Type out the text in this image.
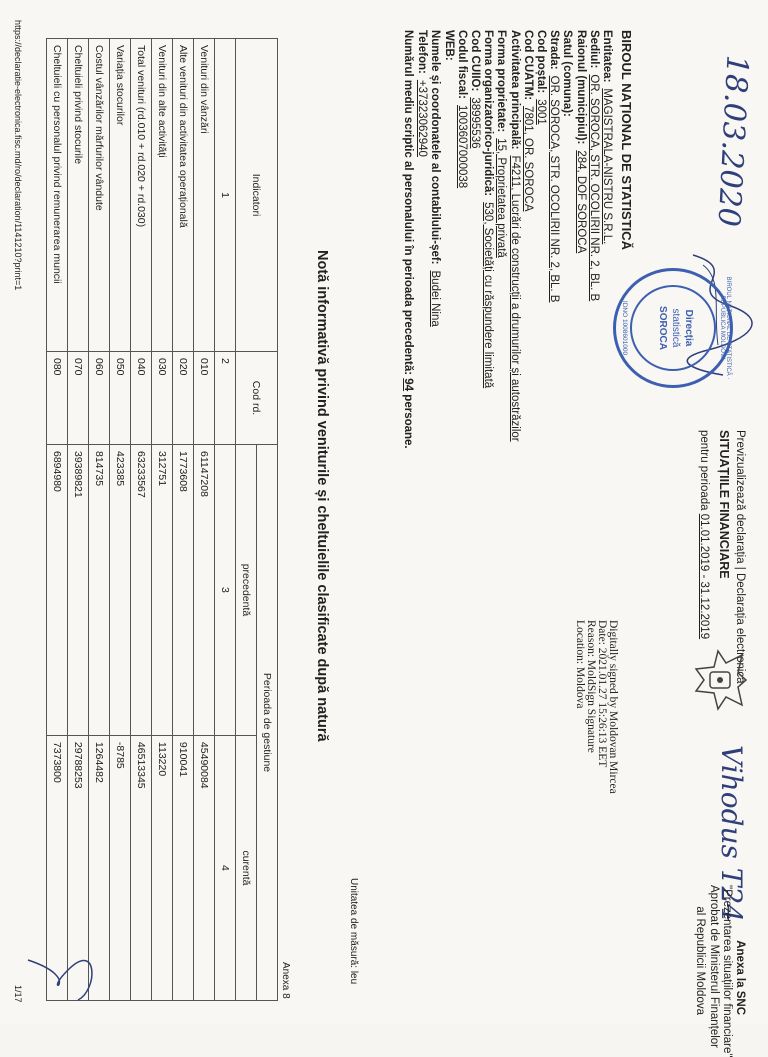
18.03.2020
BIROUL NAȚIONAL DE STATISTICĂ · REPUBLICA MOLDOVA
Direcția
statistică
SOROCA
IDNO 1008601000
Previzualizează declarația | Declarația electronica
SITUAȚIILE FINANCIARE
pentru perioada 01.01.2019 - 31.12.2019
Digitally signed by Moldovan Mircea
Date: 2021.01.27 15:26:13 EET
Reason: MoldSign Signature
Location: Moldova
Vihodus T24
Anexa la SNC
"Prezentarea situațiilor financiare"
Aprobat de Ministerul Finanțelor
al Republicii Moldova
BIROUL NAȚIONAL DE STATISTICĂ
Entitatea:MAGISTRALA-NISTRU S.R.L.
Sediul:OR. SOROCA, STR. OCOLIRII NR. 2, BL. B
Raionul (municipiul):284, DOF SOROCA
Satul (comuna):
Strada:OR. SOROCA, STR. OCOLIRII NR. 2, BL. B
Cod poștal:3001
Cod CUATM:7801, OR. SOROCA
Activitatea principală:F4211, Lucrări de construcții a drumurilor și autostrăzilor
Forma proprietate:15, Proprietatea privată
Forma organizatorico-juridică:530, Societăți cu răspundere limitată
Cod CUIIO:38995536
Codul fiscal:1003607000038
WEB:
Numele și coordonatele al contabilului-șef:Budei Nina
Telefon:+37323062940
Numărul mediu scriptic al personalului în perioada precedentă: 94 persoane.
Notă informativă privind veniturile și cheltuielile clasificate după natură
Unitatea de măsură: leu
Anexa 8
Indicatori	Cod rd.	Perioada de gestiune	
		precedentă	curentă
1	2	3	4
Venituri din vânzări	010	61147208	45490084
Alte venituri din activitatea operațională	020	1773608	910041
Venituri din alte activități	030	312751	113220
Total venituri (rd.010 + rd.020 + rd.030)	040	63233567	46513345
Variația stocurilor	050	423385	-8785
Costul vânzărilor mărfurilor vândute	060	814735	1264482
Cheltuieli privind stocurile	070	39389821	29788253
Cheltuieli cu personalul privind remunerarea muncii	080	6894980	7373800
https://declaratie-electronica.fisc.md/ro/declaration/1141210?print=1
1/17
